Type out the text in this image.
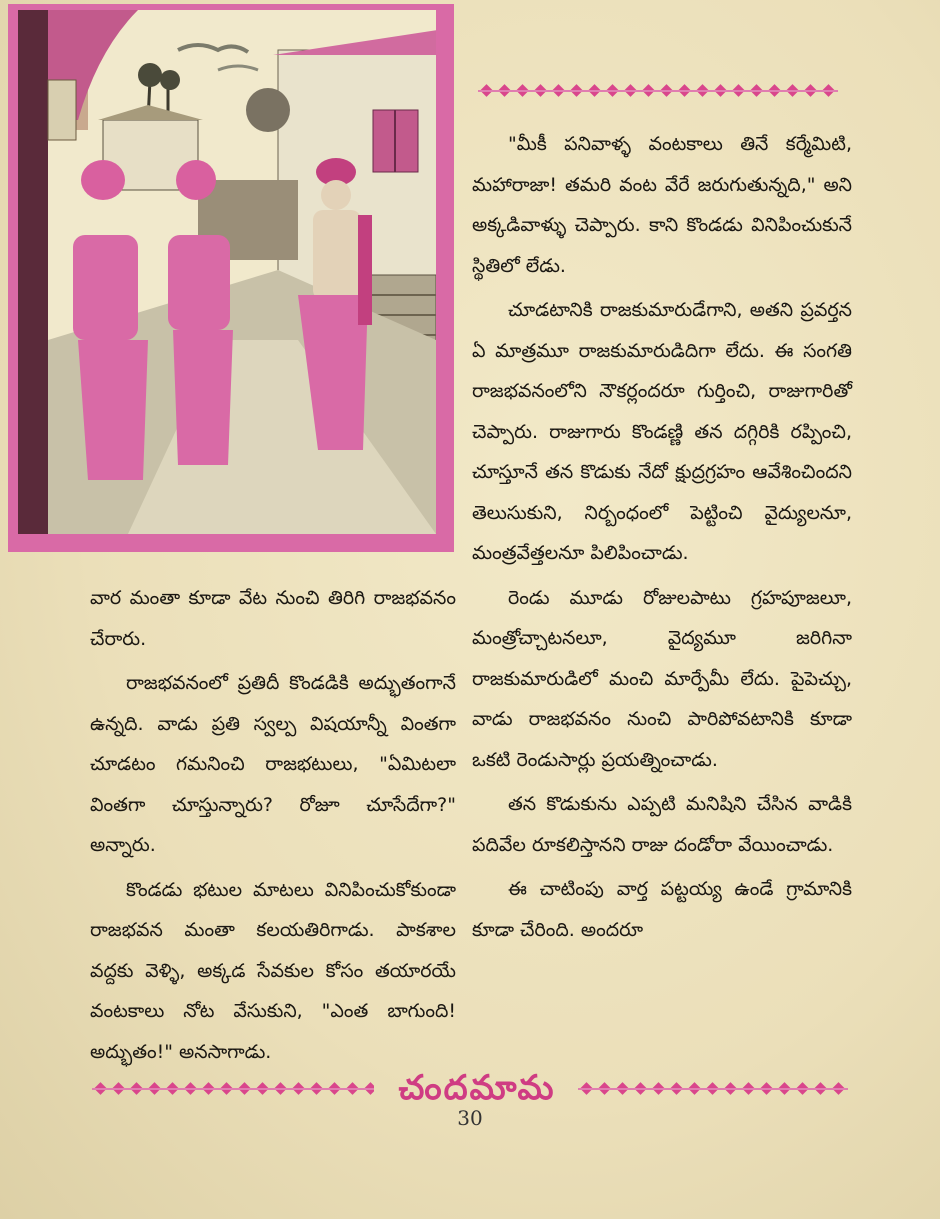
వార మంతా కూడా వేట నుంచి తిరిగి రాజభవనం చేరారు.

రాజభవనంలో ప్రతిదీ కొండడికి అద్భుతంగానే ఉన్నది. వాడు ప్రతి స్వల్ప విషయాన్నీ వింతగా చూడటం గమనించి రాజభటులు, "ఏమిటలా వింతగా చూస్తున్నారు? రోజూ చూసేదేగా?" అన్నారు.

కొండడు భటుల మాటలు వినిపించుకోకుండా రాజభవన మంతా కలయతిరిగాడు. పాకశాల వద్దకు వెళ్ళి, అక్కడ సేవకుల కోసం తయారయే వంటకాలు నోట వేసుకుని, "ఎంత బాగుంది! అద్భుతం!" అనసాగాడు.

"మీకీ పనివాళ్ళ వంటకాలు తినే కర్మేమిటి, మహారాజా! తమరి వంట వేరే జరుగుతున్నది," అని అక్కడివాళ్ళు చెప్పారు. కాని కొండడు వినిపించుకునే స్థితిలో లేడు.

చూడటానికి రాజకుమారుడేగాని, అతని ప్రవర్తన ఏ మాత్రమూ రాజకుమారుడిదిగా లేదు. ఈ సంగతి రాజభవనంలోని నౌకర్లందరూ గుర్తించి, రాజుగారితో చెప్పారు. రాజుగారు కొండణ్ణి తన దగ్గిరికి రప్పించి, చూస్తూనే తన కొడుకు నేదో క్షుద్రగ్రహం ఆవేశించిందని తెలుసుకుని, నిర్బంధంలో పెట్టించి వైద్యులనూ, మంత్రవేత్తలనూ పిలిపించాడు.

రెండు మూడు రోజులపాటు గ్రహపూజలూ, మంత్రోచ్చాటనలూ, వైద్యమూ జరిగినా రాజకుమారుడిలో మంచి మార్పేమీ లేదు. పైపెచ్చు, వాడు రాజభవనం నుంచి పారిపోవటానికి కూడా ఒకటి రెండుసార్లు ప్రయత్నించాడు.

తన కొడుకును ఎప్పటి మనిషిని చేసిన వాడికి పదివేల రూకలిస్తానని రాజు దండోరా వేయించాడు.

ఈ చాటింపు వార్త పట్టయ్య ఉండే గ్రామానికి కూడా చేరింది. అందరూ

చందమామ
30
